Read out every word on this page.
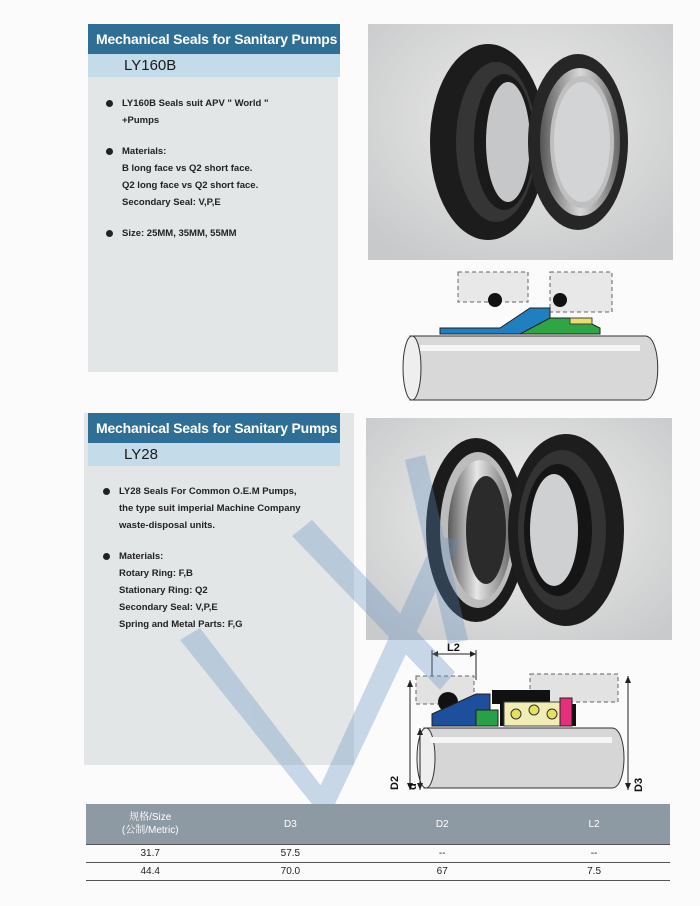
Mechanical Seals for Sanitary Pumps
LY160B
LY160B Seals suit APV " World "
+Pumps
Materials:
B long face vs Q2 short face.
Q2 long face vs Q2 short face.
Secondary Seal: V,P,E
Size: 25MM, 35MM, 55MM
Mechanical Seals for Sanitary Pumps
LY28
LY28 Seals For Common O.E.M Pumps,
the type suit imperial Machine Company
waste-disposal units.
Materials:
Rotary Ring: F,B
Stationary Ring: Q2
Secondary Seal: V,P,E
Spring and Metal Parts: F,G
L2
D2 d	D3
规格/Size
(公制/Metric)	D3	D2	L2
31.7	57.5	--	--
44.4	70.0	67	7.5
